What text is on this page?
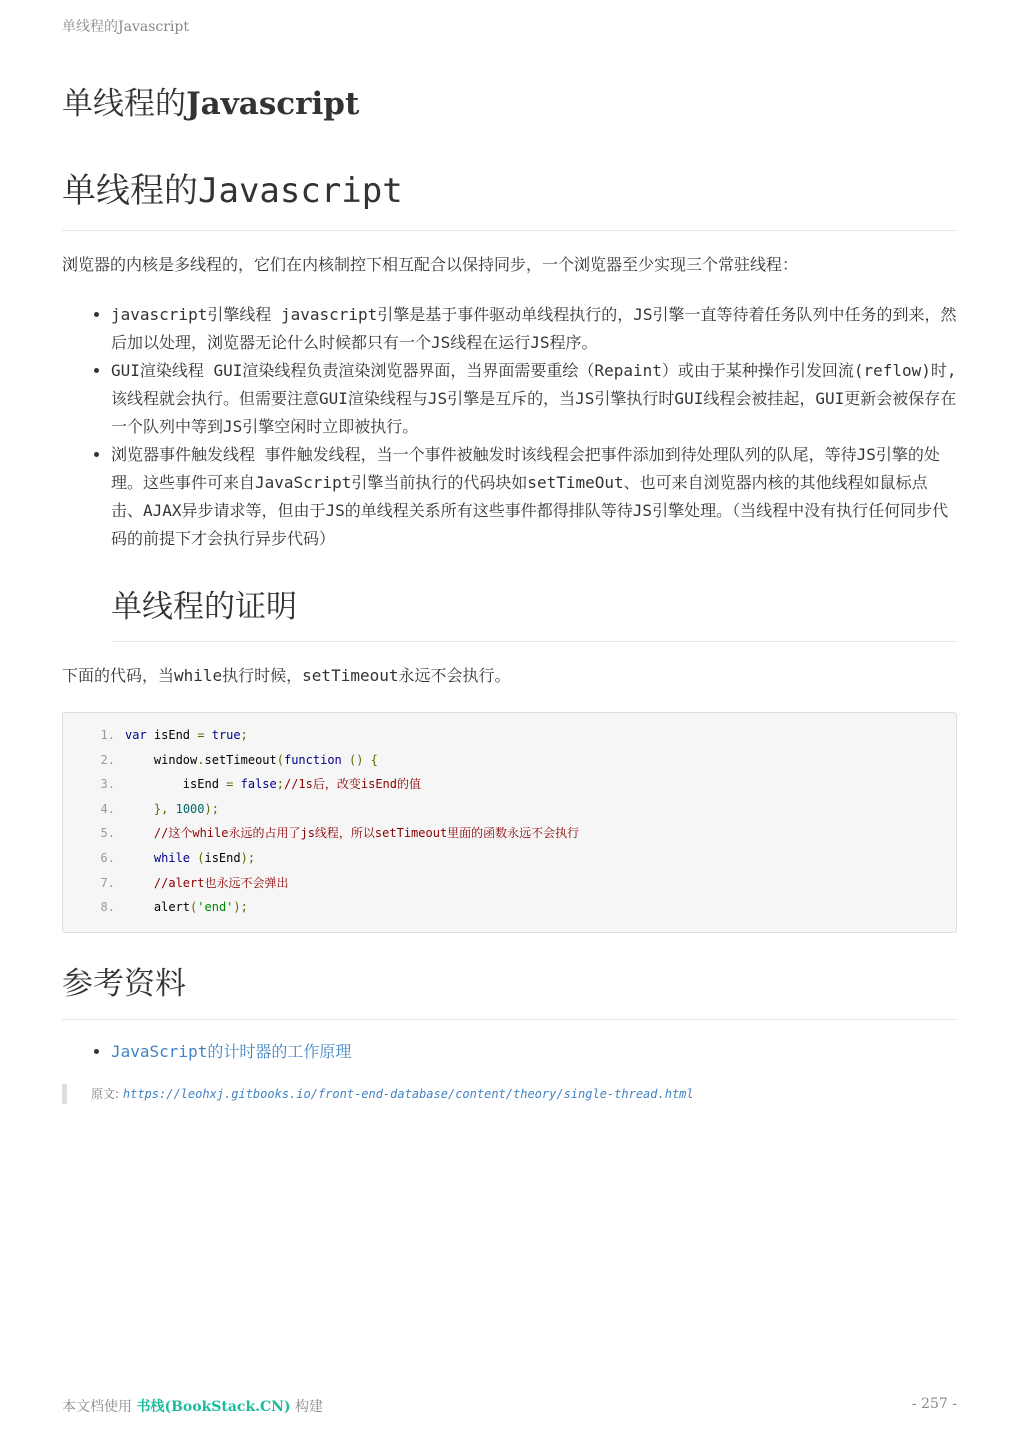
单线程的Javascript
单线程的Javascript
单线程的Javascript

浏览器的内核是多线程的，它们在内核制控下相互配合以保持同步，一个浏览器至少实现三个常驻线程：

• javascript引擎线程 javascript引擎是基于事件驱动单线程执行的，JS引擎一直等待着任务队列中任务的到来，然后加以处理，浏览器无论什么时候都只有一个JS线程在运行JS程序。
• GUI渲染线程 GUI渲染线程负责渲染浏览器界面，当界面需要重绘（Repaint）或由于某种操作引发回流(reflow)时,该线程就会执行。但需要注意GUI渲染线程与JS引擎是互斥的，当JS引擎执行时GUI线程会被挂起，GUI更新会被保存在一个队列中等到JS引擎空闲时立即被执行。
• 浏览器事件触发线程 事件触发线程，当一个事件被触发时该线程会把事件添加到待处理队列的队尾，等待JS引擎的处理。这些事件可来自JavaScript引擎当前执行的代码块如setTimeOut、也可来自浏览器内核的其他线程如鼠标点击、AJAX异步请求等，但由于JS的单线程关系所有这些事件都得排队等待JS引擎处理。（当线程中没有执行任何同步代码的前提下才会执行异步代码）
单线程的证明

下面的代码，当while执行时候，setTimeout永远不会执行。

1. var isEnd =
true ;
2.
	window . setTimeout ( function () {
3.
	isEnd = false ; //1s后，改变isEnd的值
4.
	}, 1000 );
5.
	//这个while永远的占用了js线程，所以setTimeout里面的函数永远不会执行
6.
	while ( isEnd );
7.
	//alert也永远不会弹出
8.
	alert ( 'end' );
参考资料
• JavaScript的计时器的工作原理
原文: https://leohxj.gitbooks.io/front-end-database/content/theory/single-thread.html
本文档使用 书栈(BookStack.CN) 构建	- 257 -
